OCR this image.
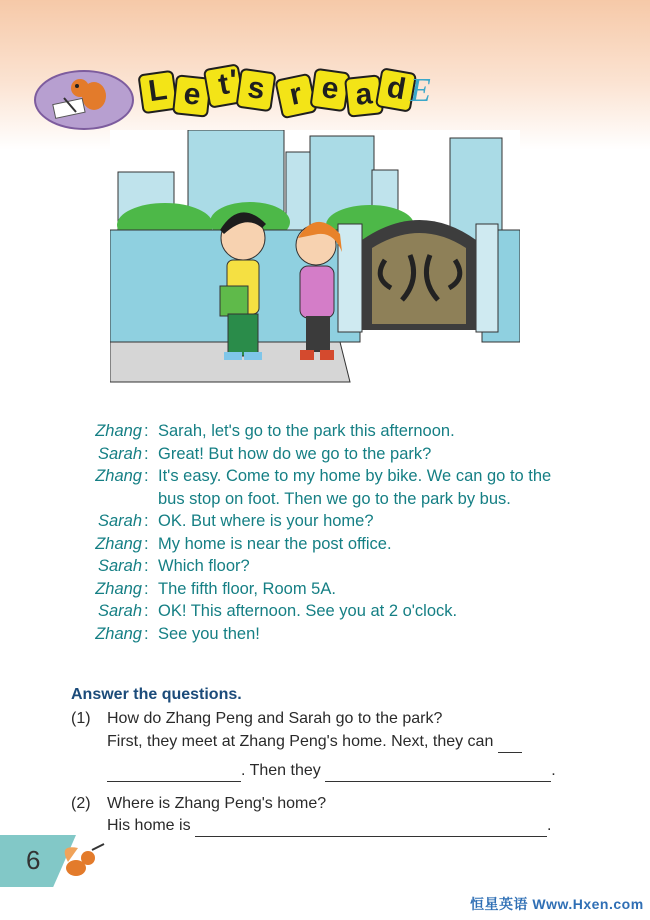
L e t
' s r e a d E
Zhang : Sarah, let's go to the park this afternoon.
Sarah : Great! But how do we go to the park?
Zhang : It's easy. Come to my home by bike. We can go to the
bus stop on foot. Then we go to the park by bus.
Sarah : OK. But where is your home?
Zhang : My home is near the post office.
Sarah : Which floor?
Zhang : The fifth floor, Room 5A.
Sarah : OK! This afternoon. See you at 2 o'clock.
Zhang : See you then!
Answer the questions.
(1) How do Zhang Peng and Sarah go to the park?
First, they meet at Zhang Peng's home. Next, they can
. Then they	.
(2) Where is Zhang Peng's home?
His home is	.
6
恒星英语 Www.Hxen.com
